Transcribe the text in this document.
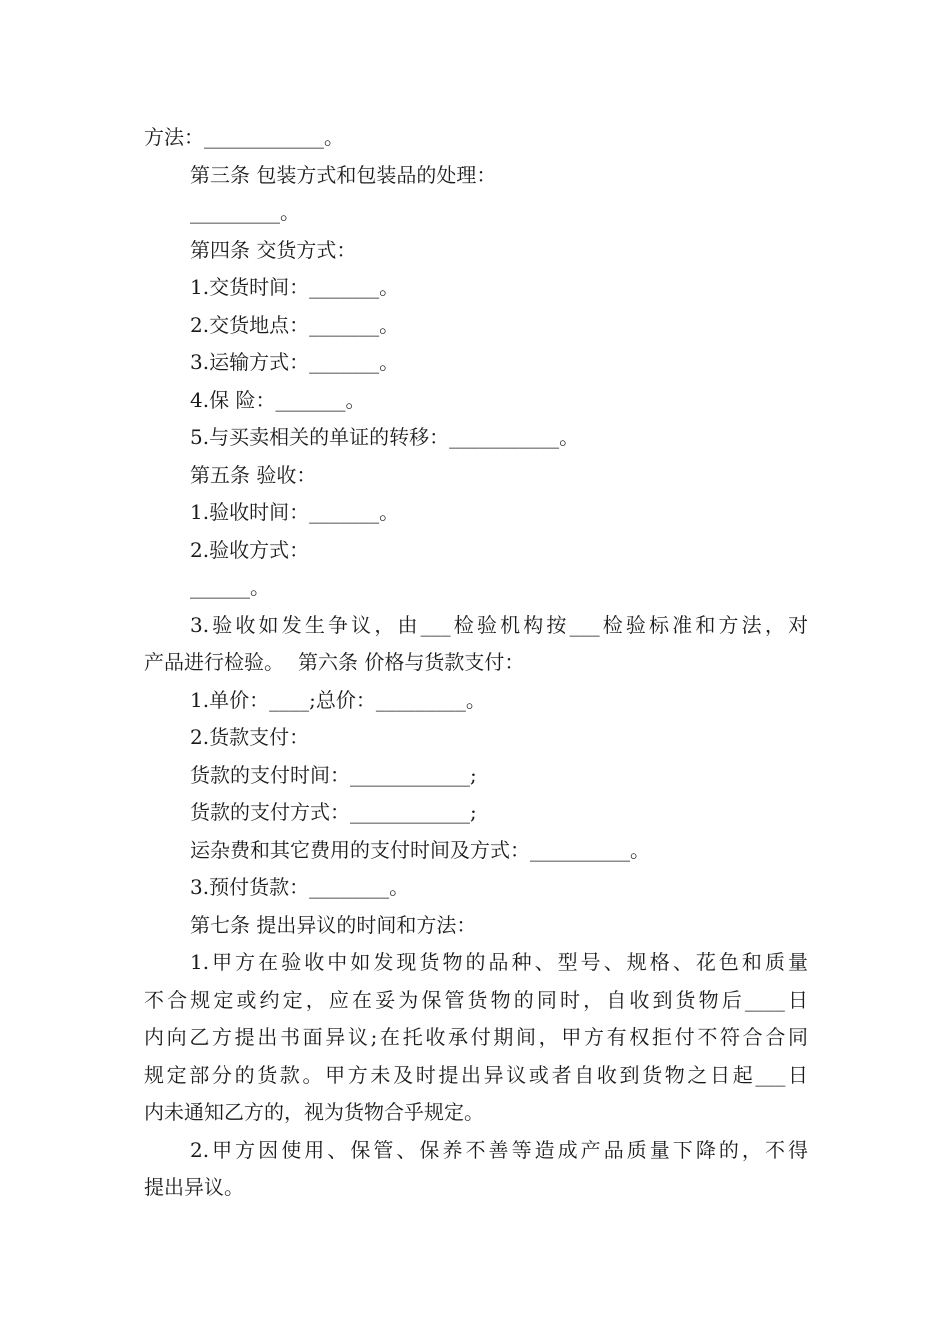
方法：____________。
第三条 包装方式和包装品的处理：
_________。
第四条 交货方式：
1.交货时间：_______。
2.交货地点：_______。
3.运输方式：_______。
4.保 险：_______。
5.与买卖相关的单证的转移：___________。
第五条 验收：
1.验收时间：_______。
2.验收方式：
______。
3.验收如发生争议，由___检验机构按___检验标准和方法，对
产品进行检验。 第六条 价格与货款支付：
1.单价：____;总价：_________。
2.货款支付：
货款的支付时间：____________;
货款的支付方式：____________;
运杂费和其它费用的支付时间及方式：__________。
3.预付货款：________。
第七条 提出异议的时间和方法：
1.甲方在验收中如发现货物的品种、型号、规格、花色和质量
不合规定或约定，应在妥为保管货物的同时，自收到货物后____日
内向乙方提出书面异议;在托收承付期间，甲方有权拒付不符合合同
规定部分的货款。甲方未及时提出异议或者自收到货物之日起___日
内未通知乙方的，视为货物合乎规定。
2.甲方因使用、保管、保养不善等造成产品质量下降的，不得
提出异议。
